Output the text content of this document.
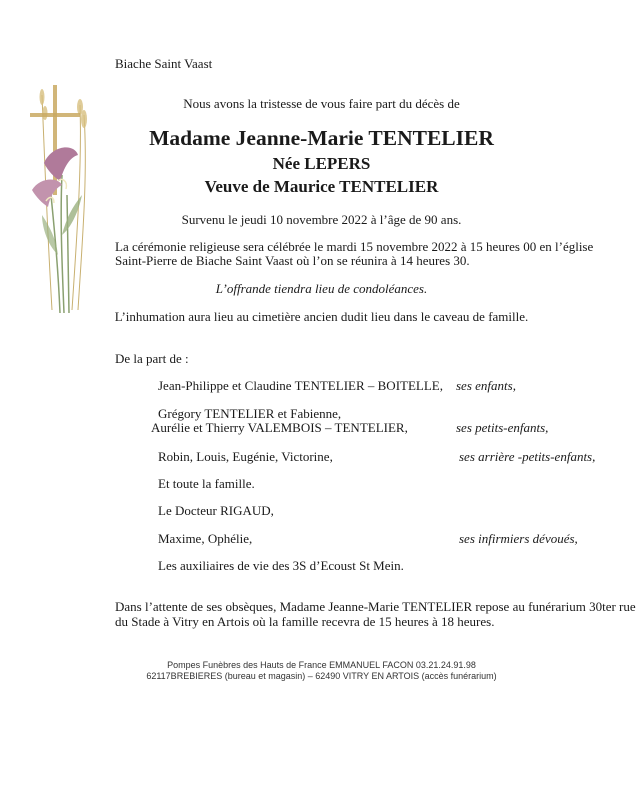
Biache Saint Vaast
Nous avons la tristesse de vous faire part du décès de
Madame Jeanne-Marie TENTELIER
Née LEPERS
Veuve de Maurice TENTELIER
Survenu le jeudi 10 novembre 2022 à l’âge de 90 ans.
La cérémonie religieuse sera célébrée le mardi 15 novembre 2022 à 15 heures 00 en l’église
Saint-Pierre de Biache Saint Vaast où l’on se réunira à 14 heures 30.
L’offrande tiendra lieu de condoléances.
L’inhumation aura lieu au cimetière ancien dudit lieu dans le caveau de famille.
De la part de :
Jean-Philippe et Claudine TENTELIER – BOITELLE, ses enfants,
Grégory TENTELIER et Fabienne,
Aurélie et Thierry VALEMBOIS – TENTELIER,	ses petits-enfants,
Robin, Louis, Eugénie, Victorine,	ses arrière -petits-enfants,
Et toute la famille.
Le Docteur RIGAUD,
Maxime, Ophélie,	ses infirmiers dévoués,
Les auxiliaires de vie des 3S d’Ecoust St Mein.
Dans l’attente de ses obsèques, Madame Jeanne-Marie TENTELIER repose au funérarium 30ter rue
du Stade à Vitry en Artois où la famille recevra de 15 heures à 18 heures.
Pompes Funèbres des Hauts de France EMMANUEL FACON 03.21.24.91.98
62117BREBIERES (bureau et magasin) – 62490 VITRY EN ARTOIS (accès funérarium)
